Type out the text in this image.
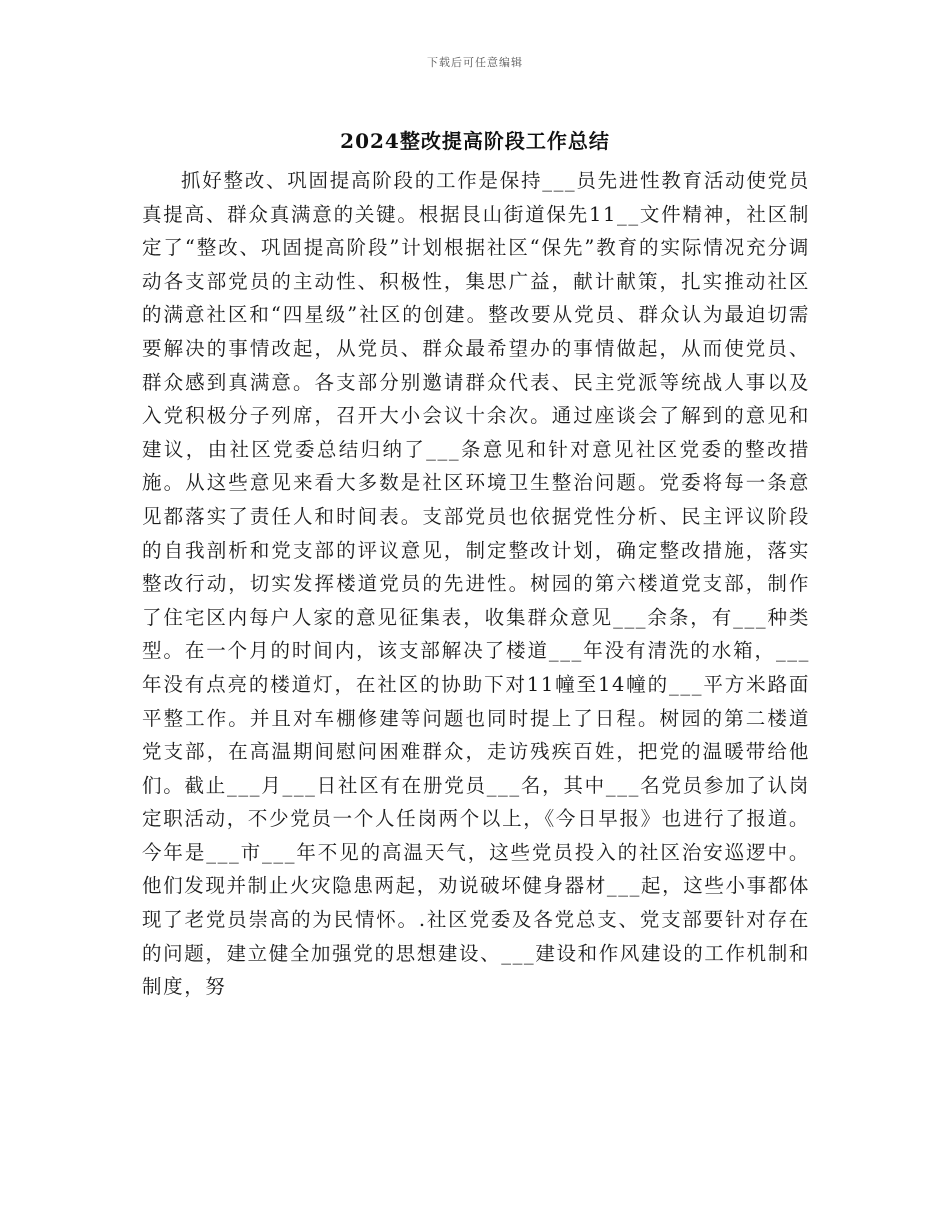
下载后可任意编辑
2024整改提高阶段工作总结

抓好整改、巩固提高阶段的工作是保持___员先进性教育活动使党员真提高、群众真满意的关键。根据艮山街道保先11__文件精神，社区制定了“整改、巩固提高阶段”计划根据社区“保先”教育的实际情况充分调动各支部党员的主动性、积极性，集思广益，献计献策，扎实推动社区的满意社区和“四星级”社区的创建。整改要从党员、群众认为最迫切需要解决的事情改起，从党员、群众最希望办的事情做起，从而使党员、群众感到真满意。各支部分别邀请群众代表、民主党派等统战人事以及入党积极分子列席，召开大小会议十余次。通过座谈会了解到的意见和建议，由社区党委总结归纳了___条意见和针对意见社区党委的整改措施。从这些意见来看大多数是社区环境卫生整治问题。党委将每一条意见都落实了责任人和时间表。支部党员也依据党性分析、民主评议阶段的自我剖析和党支部的评议意见，制定整改计划，确定整改措施，落实整改行动，切实发挥楼道党员的先进性。树园的第六楼道党支部，制作了住宅区内每户人家的意见征集表，收集群众意见___余条，有___种类型。在一个月的时间内，该支部解决了楼道___年没有清洗的水箱，___年没有点亮的楼道灯，在社区的协助下对11幢至14幢的___平方米路面平整工作。并且对车棚修建等问题也同时提上了日程。树园的第二楼道党支部，在高温期间慰问困难群众，走访残疾百姓，把党的温暖带给他们。截止___月___日社区有在册党员___名，其中___名党员参加了认岗定职活动，不少党员一个人任岗两个以上，《今日早报》也进行了报道。今年是___市___年不见的高温天气，这些党员投入的社区治安巡逻中。他们发现并制止火灾隐患两起，劝说破坏健身器材___起，这些小事都体现了老党员崇高的为民情怀。.社区党委及各党总支、党支部要针对存在的问题，建立健全加强党的思想建设、___建设和作风建设的工作机制和制度，努
